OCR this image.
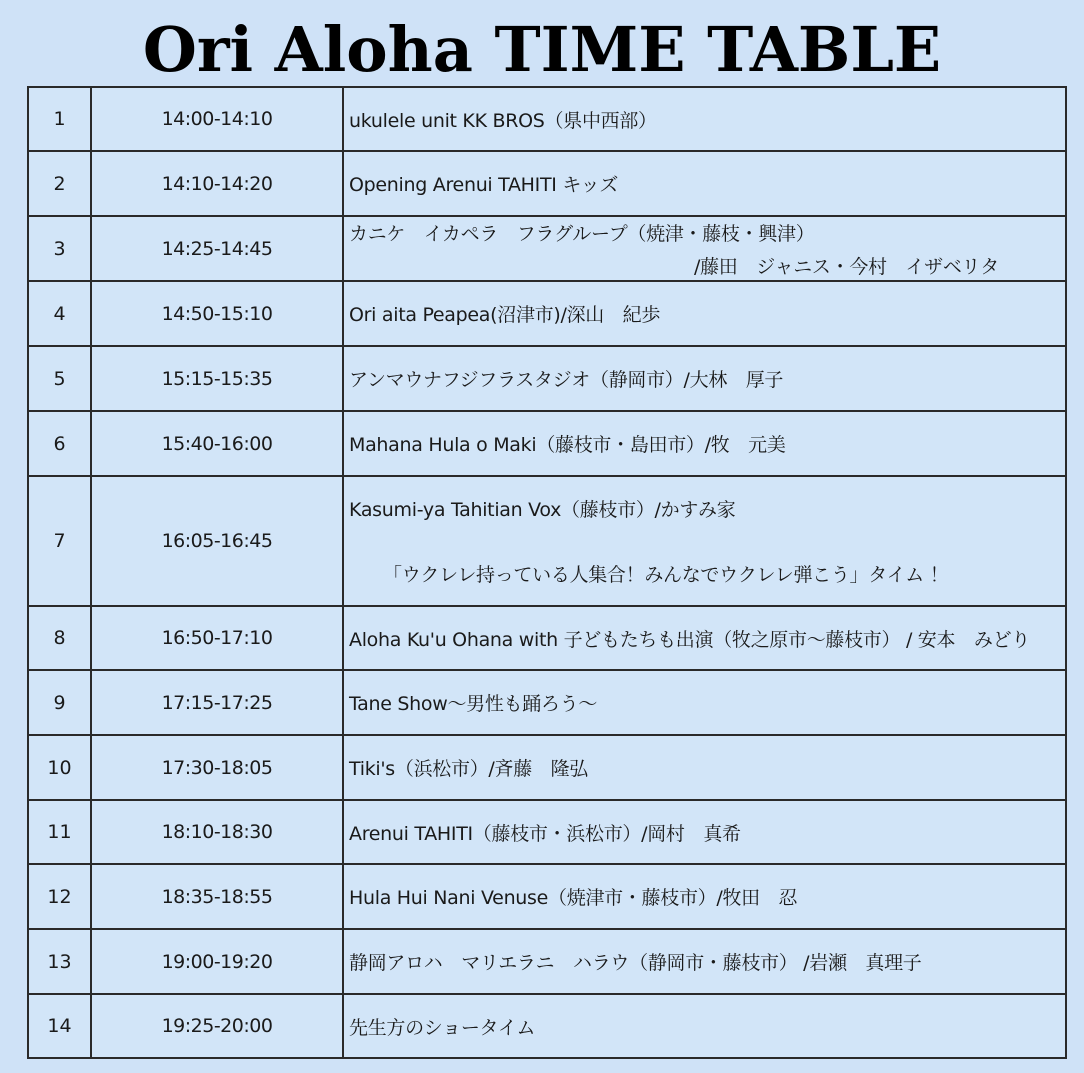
Ori Aloha TIME TABLE
1	14:00-14:10	ukulele unit KK BROS（県中西部）
2	14:10-14:20	Opening Arenui TAHITI キッズ
3	14:25-14:45	カニケ　イカペラ　フラグループ（焼津・藤枝・興津）
/藤田　ジャニス・今村　イザベリタ

4	14:50-15:10	Ori aita Peapea(沼津市)/深山　紀歩
5	15:15-15:35	アンマウナフジフラスタジオ（静岡市）/大林　厚子
6	15:40-16:00	Mahana Hula o Maki（藤枝市・島田市）/牧　元美
7	16:05-16:45	Kasumi-ya Tahitian Vox（藤枝市）/かすみ家
「ウクレレ持っている人集合！みんなでウクレレ弾こう」タイム ！

8	16:50-17:10	Aloha Ku'u Ohana with 子どもたちも出演（牧之原市〜藤枝市） / 安本　みどり
9	17:15-17:25	Tane Show〜男性も踊ろう〜
10	17:30-18:05	Tiki's（浜松市）/斉藤　隆弘
11	18:10-18:30	Arenui TAHITI（藤枝市・浜松市）/岡村　真希
12	18:35-18:55	Hula Hui Nani Venuse（焼津市・藤枝市）/牧田　忍
13	19:00-19:20	静岡アロハ　マリエラニ　ハラウ（静岡市・藤枝市） /岩瀬　真理子
14	19:25-20:00	先生方のショータイム
